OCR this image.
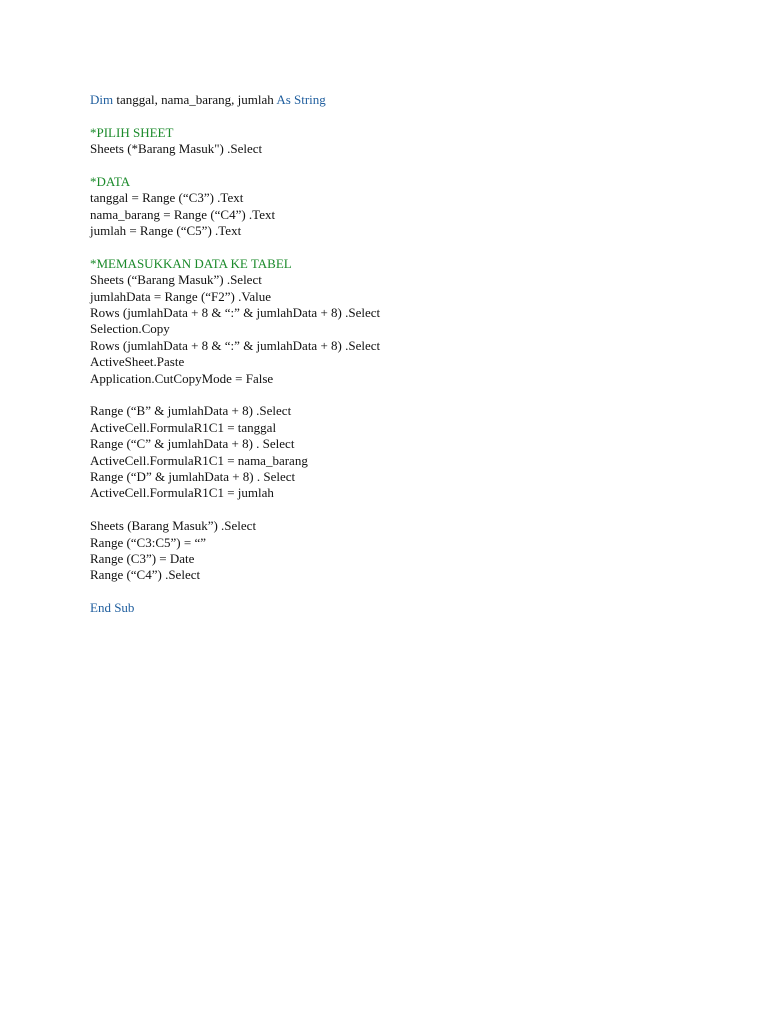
Dim tanggal, nama_barang, jumlah As String
*PILIH SHEET
Sheets (*Barang Masuk") .Select
*DATA
tanggal = Range (“C3”) .Text
nama_barang = Range (“C4”) .Text
jumlah = Range (“C5”) .Text
*MEMASUKKAN DATA KE TABEL
Sheets (“Barang Masuk”) .Select
jumlahData = Range (“F2”) .Value
Rows (jumlahData + 8 & “:” & jumlahData + 8) .Select
Selection.Copy
Rows (jumlahData + 8 & “:” & jumlahData + 8) .Select
ActiveSheet.Paste
Application.CutCopyMode = False
Range (“B” & jumlahData + 8) .Select
ActiveCell.FormulaR1C1 = tanggal
Range (“C” & jumlahData + 8) . Select
ActiveCell.FormulaR1C1 = nama_barang
Range (“D” & jumlahData + 8) . Select
ActiveCell.FormulaR1C1 = jumlah
Sheets (Barang Masuk”) .Select
Range (“C3:C5”) = “”
Range (C3”) = Date
Range (“C4”) .Select
End Sub
